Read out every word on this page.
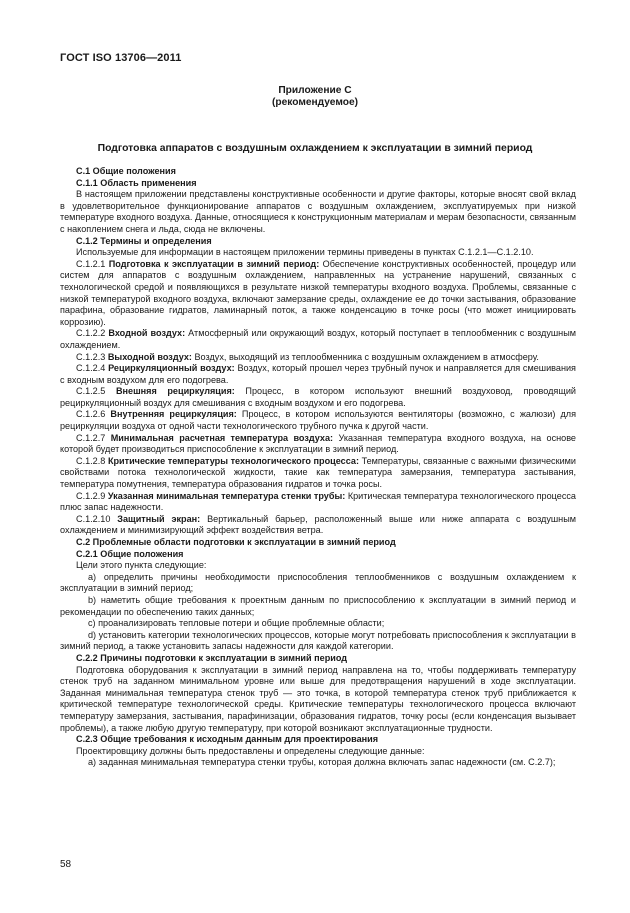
ГОСТ ISO 13706—2011
Приложение С
(рекомендуемое)
Подготовка аппаратов с воздушным охлаждением к эксплуатации в зимний период

С.1 Общие положения

С.1.1 Область применения

В настоящем приложении представлены конструктивные особенности и другие факторы, которые вносят свой вклад в удовлетворительное функционирование аппаратов с воздушным охлаждением, эксплуатируемых при низкой температуре входного воздуха. Данные, относящиеся к конструкционным материалам и мерам безопасности, связанным с накоплением снега и льда, сюда не включены.

С.1.2 Термины и определения

Используемые для информации в настоящем приложении термины приведены в пунктах С.1.2.1—С.1.2.10.

С.1.2.1 Подготовка к эксплуатации в зимний период: Обеспечение конструктивных особенностей, процедур или систем для аппаратов с воздушным охлаждением, направленных на устранение нарушений, связанных с технологической средой и появляющихся в результате низкой температуры входного воздуха. Проблемы, связанные с низкой температурой входного воздуха, включают замерзание среды, охлаждение ее до точки застывания, образование парафина, образование гидратов, ламинарный поток, а также конденсацию в точке росы (что может инициировать коррозию).

С.1.2.2 Входной воздух: Атмосферный или окружающий воздух, который поступает в теплообменник с воздушным охлаждением.

С.1.2.3 Выходной воздух: Воздух, выходящий из теплообменника с воздушным охлаждением в атмосферу.

С.1.2.4 Рециркуляционный воздух: Воздух, который прошел через трубный пучок и направляется для смешивания с входным воздухом для его подогрева.

С.1.2.5 Внешняя рециркуляция: Процесс, в котором используют внешний воздуховод, проводящий рециркуляционный воздух для смешивания с входным воздухом и его подогрева.

С.1.2.6 Внутренняя рециркуляция: Процесс, в котором используются вентиляторы (возможно, с жалюзи) для рециркуляции воздуха от одной части технологического трубного пучка к другой части.

С.1.2.7 Минимальная расчетная температура воздуха: Указанная температура входного воздуха, на основе которой будет производиться приспособление к эксплуатации в зимний период.

С.1.2.8 Критические температуры технологического процесса: Температуры, связанные с важными физическими свойствами потока технологической жидкости, такие как температура замерзания, температура застывания, температура помутнения, температура образования гидратов и точка росы.

С.1.2.9 Указанная минимальная температура стенки трубы: Критическая температура технологического процесса плюс запас надежности.

С.1.2.10 Защитный экран: Вертикальный барьер, расположенный выше или ниже аппарата с воздушным охлаждением и минимизирующий эффект воздействия ветра.

С.2 Проблемные области подготовки к эксплуатации в зимний период

С.2.1 Общие положения

Цели этого пункта следующие:

a) определить причины необходимости приспособления теплообменников с воздушным охлаждением к эксплуатации в зимний период;

b) наметить общие требования к проектным данным по приспособлению к эксплуатации в зимний период и рекомендации по обеспечению таких данных;

c) проанализировать тепловые потери и общие проблемные области;

d) установить категории технологических процессов, которые могут потребовать приспособления к эксплуатации в зимний период, а также установить запасы надежности для каждой категории.

С.2.2 Причины подготовки к эксплуатации в зимний период

Подготовка оборудования к эксплуатации в зимний период направлена на то, чтобы поддерживать температуру стенок труб на заданном минимальном уровне или выше для предотвращения нарушений в ходе эксплуатации. Заданная минимальная температура стенок труб — это точка, в которой температура стенок труб приближается к критической температуре технологической среды. Критические температуры технологического процесса включают температуру замерзания, застывания, парафинизации, образования гидратов, точку росы (если конденсация вызывает проблемы), а также любую другую температуру, при которой возникают эксплуатационные трудности.

С.2.3 Общие требования к исходным данным для проектирования

Проектировщику должны быть предоставлены и определены следующие данные:

a) заданная минимальная температура стенки трубы, которая должна включать запас надежности (см. С.2.7);

58
